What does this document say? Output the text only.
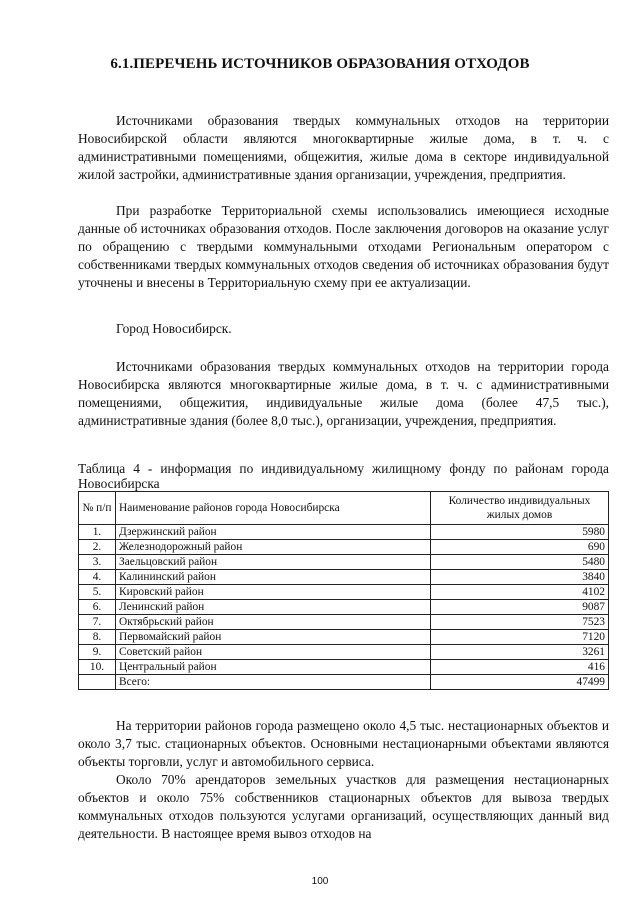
6.1.ПЕРЕЧЕНЬ ИСТОЧНИКОВ ОБРАЗОВАНИЯ ОТХОДОВ

Источниками образования твердых коммунальных отходов на территории Новосибирской области являются многоквартирные жилые дома, в т. ч. с административными помещениями, общежития, жилые дома в секторе индивидуальной жилой застройки, административные здания организации, учреждения, предприятия.

При разработке Территориальной схемы использовались имеющиеся исходные данные об источниках образования отходов. После заключения договоров на оказание услуг по обращению с твердыми коммунальными отходами Региональным оператором с собственниками твердых коммунальных отходов сведения об источниках образования будут уточнены и внесены в Территориальную схему при ее актуализации.

Город Новосибирск.

Источниками образования твердых коммунальных отходов на территории города Новосибирска являются многоквартирные жилые дома, в т. ч. с административными помещениями, общежития, индивидуальные жилые дома (более 47,5 тыс.), административные здания (более 8,0 тыс.), организации, учреждения, предприятия.

Таблица 4 - информация по индивидуальному жилищному фонду по районам города Новосибирска

№ п/п	Наименование районов города Новосибирска	Количество индивидуальных жилых домов
1.	Дзержинский район	5980
2.	Железнодорожный район	690
3.	Заельцовский район	5480
4.	Калининский район	3840
5.	Кировский район	4102
6.	Ленинский район	9087
7.	Октябрьский район	7523
8.	Первомайский район	7120
9.	Советский район	3261
10.	Центральный район	416
	Всего:	47499

На территории районов города размещено около 4,5 тыс. нестационарных объектов и около 3,7 тыс. стационарных объектов. Основными нестационарными объектами являются объекты торговли, услуг и автомобильного сервиса.

Около 70% арендаторов земельных участков для размещения нестационарных объектов и около 75% собственников стационарных объектов для вывоза твердых коммунальных отходов пользуются услугами организаций, осуществляющих данный вид деятельности. В настоящее время вывоз отходов на

100
